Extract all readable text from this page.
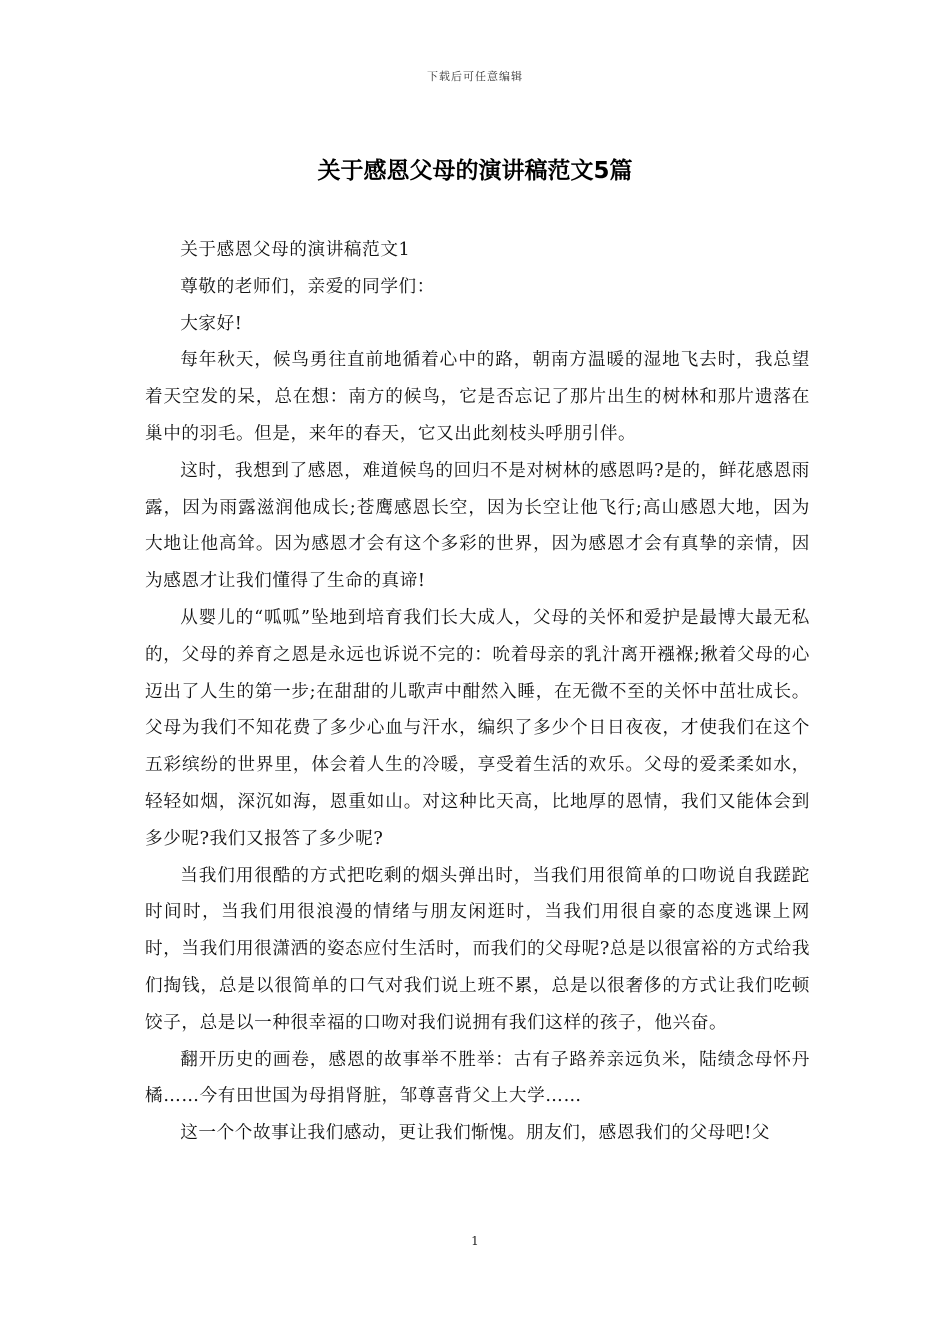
下载后可任意编辑
关于感恩父母的演讲稿范文5篇

关于感恩父母的演讲稿范文1

尊敬的老师们，亲爱的同学们：

大家好!

每年秋天，候鸟勇往直前地循着心中的路，朝南方温暖的湿地飞去时，我总望着天空发的呆，总在想：南方的候鸟，它是否忘记了那片出生的树林和那片遗落在巢中的羽毛。但是，来年的春天，它又出此刻枝头呼朋引伴。

这时，我想到了感恩，难道候鸟的回归不是对树林的感恩吗?是的，鲜花感恩雨露，因为雨露滋润他成长;苍鹰感恩长空，因为长空让他飞行;高山感恩大地，因为大地让他高耸。因为感恩才会有这个多彩的世界，因为感恩才会有真挚的亲情，因为感恩才让我们懂得了生命的真谛!

从婴儿的“呱呱”坠地到培育我们长大成人，父母的关怀和爱护是最博大最无私的，父母的养育之恩是永远也诉说不完的：吮着母亲的乳汁离开襁褓;揪着父母的心迈出了人生的第一步;在甜甜的儿歌声中酣然入睡，在无微不至的关怀中茁壮成长。父母为我们不知花费了多少心血与汗水，编织了多少个日日夜夜，才使我们在这个五彩缤纷的世界里，体会着人生的冷暖，享受着生活的欢乐。父母的爱柔柔如水，轻轻如烟，深沉如海，恩重如山。对这种比天高，比地厚的恩情，我们又能体会到多少呢?我们又报答了多少呢?

当我们用很酷的方式把吃剩的烟头弹出时，当我们用很简单的口吻说自我蹉跎时间时，当我们用很浪漫的情绪与朋友闲逛时，当我们用很自豪的态度逃课上网时，当我们用很潇洒的姿态应付生活时，而我们的父母呢?总是以很富裕的方式给我们掏钱，总是以很简单的口气对我们说上班不累，总是以很奢侈的方式让我们吃顿饺子，总是以一种很幸福的口吻对我们说拥有我们这样的孩子，他兴奋。

翻开历史的画卷，感恩的故事举不胜举：古有子路养亲远负米，陆绩念母怀丹橘……今有田世国为母捐肾脏，邹尊喜背父上大学……

这一个个故事让我们感动，更让我们惭愧。朋友们，感恩我们的父母吧!父

1
